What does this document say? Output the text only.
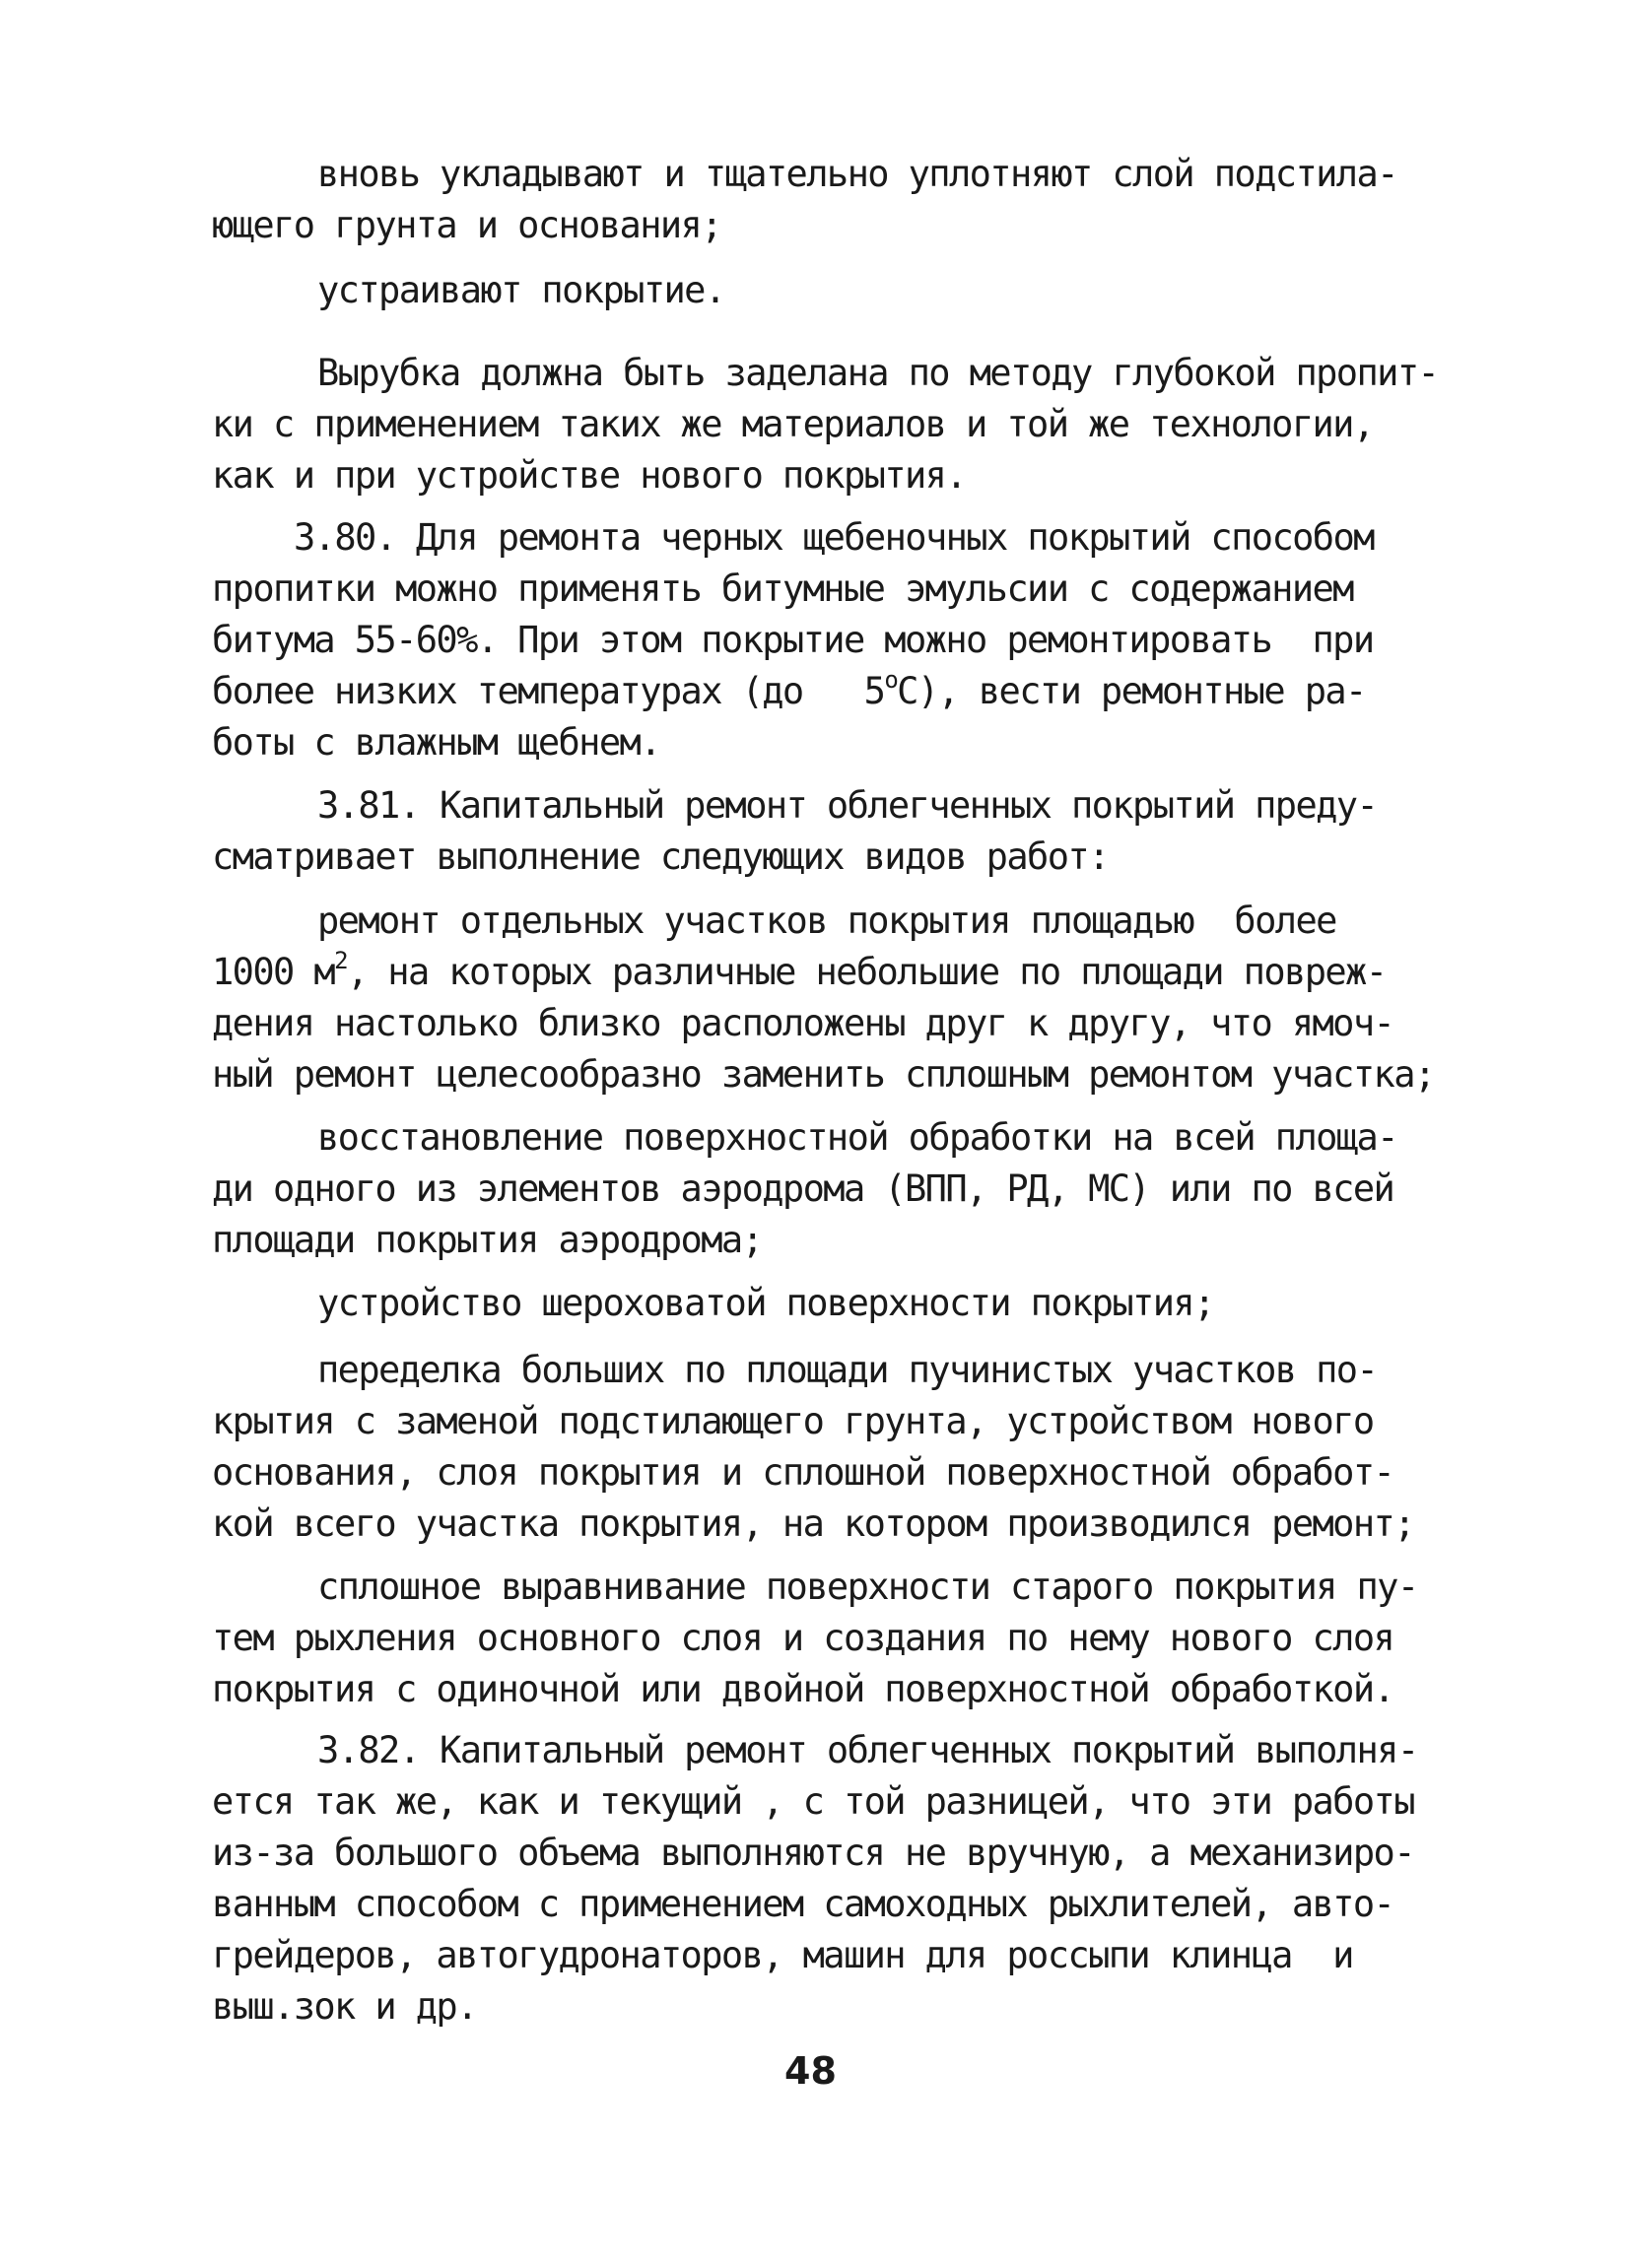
вновь укладывают и тщательно уплотняют слой подстила-
ющего грунта и основания;
устраивают покрытие.
Вырубка должна быть заделана по методу глубокой пропит-
ки с применением таких же материалов и той же технологии,
как и при устройстве нового покрытия.
3.80. Для ремонта черных щебеночных покрытий способом
пропитки можно применять битумные эмульсии с содержанием
битума 55-60%. При этом покрытие можно ремонтировать  при
более низких температурах (до   $5^оС$), вести ремонтные ра-
боты с влажным щебнем.
3.81. Капитальный ремонт облегченных покрытий преду-
сматривает выполнение следующих видов работ:
ремонт отдельных участков покрытия площадью  более
1000 $м^2$, на которых различные небольшие по площади повреж-
дения настолько близко расположены друг к другу, что ямоч-
ный ремонт целесообразно заменить сплошным ремонтом участка;
восстановление поверхностной обработки на всей площа-
ди одного из элементов аэродрома (ВПП, РД, МС) или по всей
площади покрытия аэродрома;
устройство шероховатой поверхности покрытия;
переделка больших по площади пучинистых участков по-
крытия с заменой подстилающего грунта, устройством нового
основания, слоя покрытия и сплошной поверхностной обработ-
кой всего участка покрытия, на котором производился ремонт;
сплошное выравнивание поверхности старого покрытия пу-
тем рыхления основного слоя и создания по нему нового слоя
покрытия с одиночной или двойной поверхностной обработкой.
3.82. Капитальный ремонт облегченных покрытий выполня-
ется так же, как и текущий , с той разницей, что эти работы
из-за большого объема выполняются не вручную, а механизиро-
ванным способом с применением самоходных рыхлителей, авто-
грейдеров, автогудронаторов, машин для россыпи клинца  и
выш.зок и др.
48
